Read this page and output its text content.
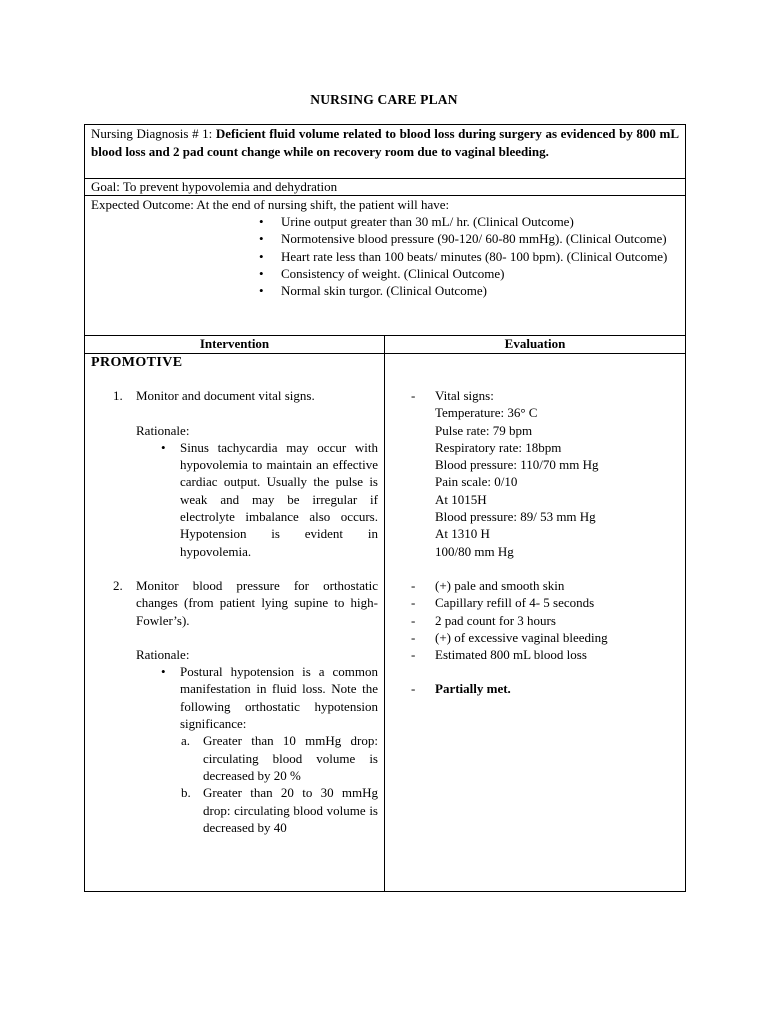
NURSING CARE PLAN
Nursing Diagnosis # 1: Deficient fluid volume related to blood loss during surgery as evidenced by 800 mL blood loss and 2 pad count change while on recovery room due to vaginal bleeding.
Goal: To prevent hypovolemia and dehydration
Expected Outcome: At the end of nursing shift, the patient will have:
• Urine output greater than 30 mL/ hr. (Clinical Outcome)
• Normotensive blood pressure (90-120/ 60-80 mmHg). (Clinical Outcome)
• Heart rate less than 100 beats/ minutes (80- 100 bpm). (Clinical Outcome)
• Consistency of weight. (Clinical Outcome)
• Normal skin turgor. (Clinical Outcome)
Intervention	Evaluation
PROMOTIVE
1. Monitor and document vital signs.
Rationale:
• Sinus tachycardia may occur with hypovolemia to maintain an effective cardiac output. Usually the pulse is weak and may be irregular if electrolyte imbalance also occurs. Hypotension is evident in hypovolemia.
2. Monitor blood pressure for orthostatic changes (from patient lying supine to high- Fowler’s).
Rationale:
• Postural hypotension is a common manifestation in fluid loss. Note the following orthostatic hypotension significance:
a. Greater than 10 mmHg drop: circulating blood volume is decreased by 20 %
b. Greater than 20 to 30 mmHg drop: circulating blood volume is decreased by 40
- Vital signs:
Temperature: 36° C
Pulse rate: 79 bpm
Respiratory rate: 18bpm
Blood pressure: 110/70 mm Hg
Pain scale: 0/10
At 1015H
Blood pressure: 89/ 53 mm Hg
At 1310 H
100/80 mm Hg
- (+) pale and smooth skin
- Capillary refill of 4- 5 seconds
- 2 pad count for 3 hours
- (+) of excessive vaginal bleeding
- Estimated 800 mL blood loss
- Partially met.
